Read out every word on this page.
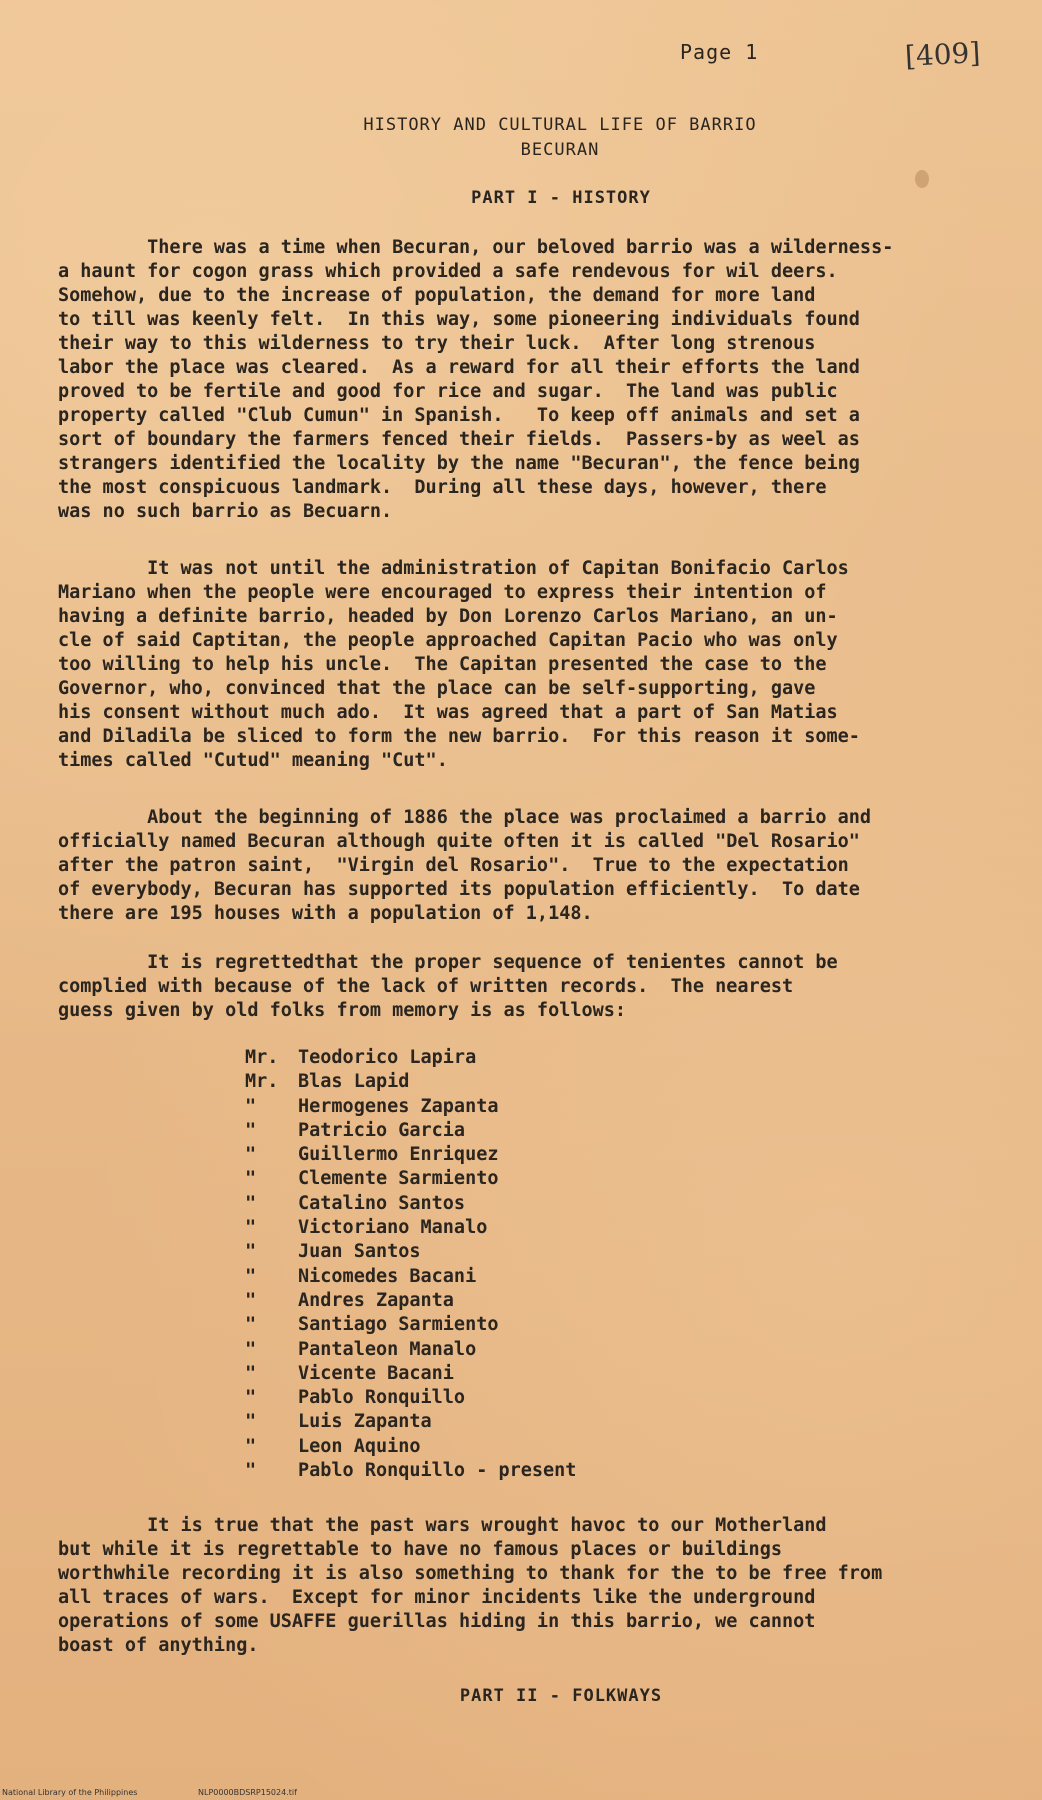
Page 1	[409]
HISTORY AND CULTURAL LIFE OF BARRIO
BECURAN
PART I - HISTORY

There was a time when Becuran, our beloved barrio was a wilderness-
a haunt for cogon grass which provided a safe rendevous for wil deers.
Somehow, due to the increase of population, the demand for more land
to till was keenly felt.  In this way, some pioneering individuals found
their way to this wilderness to try their luck.  After long strenous
labor the place was cleared.  As a reward for all their efforts the land
proved to be fertile and good for rice and sugar.  The land was public
property called "Club Cumun" in Spanish.   To keep off animals and set a
sort of boundary the farmers fenced their fields.  Passers-by as weel as
strangers identified the locality by the name "Becuran", the fence being
the most conspicuous landmark.  During all these days, however, there
was no such barrio as Becuarn.

It was not until the administration of Capitan Bonifacio Carlos
Mariano when the people were encouraged to express their intention of
having a definite barrio, headed by Don Lorenzo Carlos Mariano, an un-
cle of said Captitan, the people approached Capitan Pacio who was only
too willing to help his uncle.  The Capitan presented the case to the
Governor, who, convinced that the place can be self-supporting, gave
his consent without much ado.  It was agreed that a part of San Matias
and Diladila be sliced to form the new barrio.  For this reason it some-
times called "Cutud" meaning "Cut".

About the beginning of 1886 the place was proclaimed a barrio and
officially named Becuran although quite often it is called "Del Rosario"
after the patron saint,  "Virgin del Rosario".  True to the expectation
of everybody, Becuran has supported its population efficiently.  To date
there are 195 houses with a population of 1,148.

It is regrettedthat the proper sequence of tenientes cannot be
complied with because of the lack of written records.  The nearest
guess given by old folks from memory is as follows:

Mr.	Teodorico Lapira
Mr.	Blas Lapid
"	Hermogenes Zapanta
"	Patricio Garcia
"	Guillermo Enriquez
"	Clemente Sarmiento
"	Catalino Santos
"	Victoriano Manalo
"	Juan Santos
"	Nicomedes Bacani
"	Andres Zapanta
"	Santiago Sarmiento
"	Pantaleon Manalo
"	Vicente Bacani
"	Pablo Ronquillo
"	Luis Zapanta
"	Leon Aquino
"	Pablo Ronquillo - present

It is true that the past wars wrought havoc to our Motherland
but while it is regrettable to have no famous places or buildings
worthwhile recording it is also something to thank for the to be free from
all traces of wars.  Except for minor incidents like the underground
operations of some USAFFE guerillas hiding in this barrio, we cannot
boast of anything.

PART II - FOLKWAYS
National Library of the Philippines	NLP0000BDSRP15024.tif
